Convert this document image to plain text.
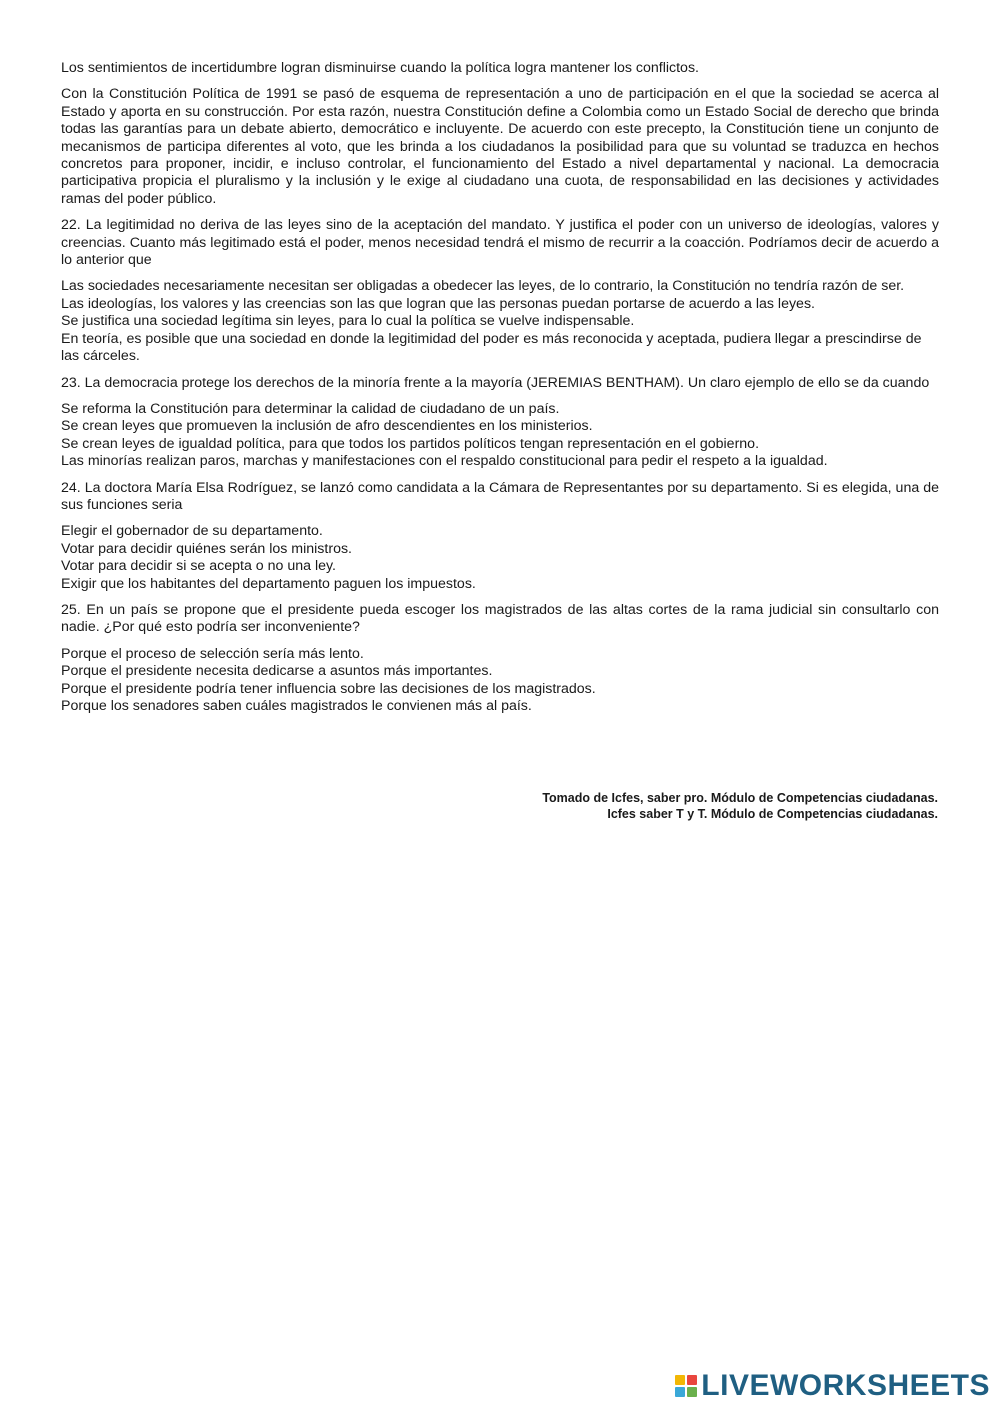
Los sentimientos de incertidumbre logran disminuirse cuando la política logra mantener los conflictos.

Con la Constitución Política de 1991 se pasó de esquema de representación a uno de participación en el que la sociedad se acerca al Estado y aporta en su construcción. Por esta razón, nuestra Constitución define a Colombia como un Estado Social de derecho que brinda todas las garantías para un debate abierto, democrático e incluyente. De acuerdo con este precepto, la Constitución tiene un conjunto de mecanismos de participa diferentes al voto, que les brinda a los ciudadanos la posibilidad para que su voluntad se traduzca en hechos concretos para proponer, incidir, e incluso controlar, el funcionamiento del Estado a nivel departamental y nacional. La democracia participativa propicia el pluralismo y la inclusión y le exige al ciudadano una cuota, de responsabilidad en las decisiones y actividades ramas del poder público.

22. La legitimidad no deriva de las leyes sino de la aceptación del mandato. Y justifica el poder con un universo de ideologías, valores y creencias. Cuanto más legitimado está el poder, menos necesidad tendrá el mismo de recurrir a la coacción. Podríamos decir de acuerdo a lo anterior que

Las sociedades necesariamente necesitan ser obligadas a obedecer las leyes, de lo contrario, la Constitución no tendría razón de ser.
Las ideologías, los valores y las creencias son las que logran que las personas puedan portarse de acuerdo a las leyes.
Se justifica una sociedad legítima sin leyes, para lo cual la política se vuelve indispensable.
En teoría, es posible que una sociedad en donde la legitimidad del poder es más reconocida y aceptada, pudiera llegar a prescindirse de las cárceles.

23. La democracia protege los derechos de la minoría frente a la mayoría (JEREMIAS BENTHAM). Un claro ejemplo de ello se da cuando

Se reforma la Constitución para determinar la calidad de ciudadano de un país.
Se crean leyes que promueven la inclusión de afro descendientes en los ministerios.
Se crean leyes de igualdad política, para que todos los partidos políticos tengan representación en el gobierno.
Las minorías realizan paros, marchas y manifestaciones con el respaldo constitucional para pedir el respeto a la igualdad.

24. La doctora María Elsa Rodríguez, se lanzó como candidata a la Cámara de Representantes por su departamento. Si es elegida, una de sus funciones seria

Elegir el gobernador de su departamento.
Votar para decidir quiénes serán los ministros.
Votar para decidir si se acepta o no una ley.
Exigir que los habitantes del departamento paguen los impuestos.

25. En un país se propone que el presidente pueda escoger los magistrados de las altas cortes de la rama judicial sin consultarlo con nadie. ¿Por qué esto podría ser inconveniente?

Porque el proceso de selección sería más lento.
Porque el presidente necesita dedicarse a asuntos más importantes.
Porque el presidente podría tener influencia sobre las decisiones de los magistrados.
Porque los senadores saben cuáles magistrados le convienen más al país.
Tomado de Icfes, saber pro. Módulo de Competencias ciudadanas.
Icfes saber T y T. Módulo de Competencias ciudadanas.
LIVEWORKSHEETS
